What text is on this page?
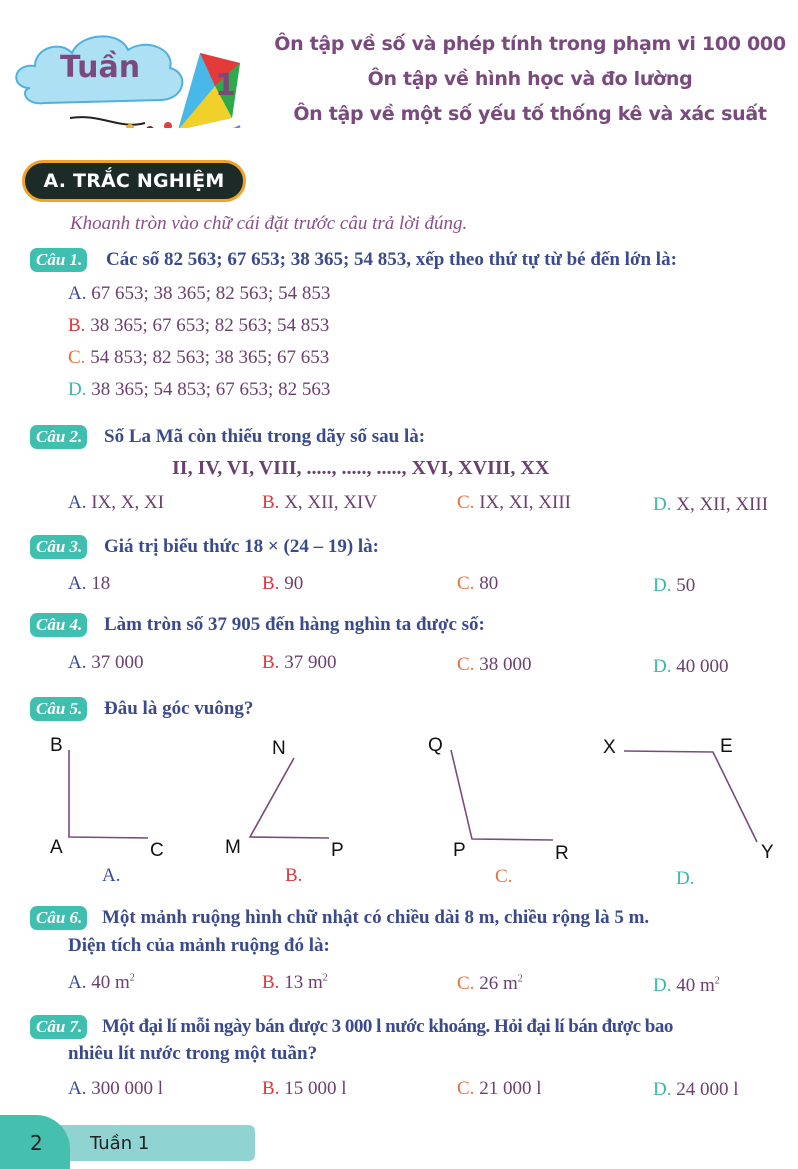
Tuần
1
Ôn tập về số và phép tính trong phạm vi 100 000
Ôn tập về hình học và đo lường
Ôn tập về một số yếu tố thống kê và xác suất
A. TRẮC NGHIỆM
Khoanh tròn vào chữ cái đặt trước câu trả lời đúng.
Câu 1. Các số 82 563; 67 653; 38 365; 54 853, xếp theo thứ tự từ bé đến lớn là:
A. 67 653; 38 365; 82 563; 54 853
B. 38 365; 67 653; 82 563; 54 853
C. 54 853; 82 563; 38 365; 67 653
D. 38 365; 54 853; 67 653; 82 563
Câu 2. Số La Mã còn thiếu trong dãy số sau là:
II, IV, VI, VIII, ....., ....., ....., XVI, XVIII, XX
A. IX, X, XI	B. X, XII, XIV	C. IX, XI, XIII	D. X, XII, XIII
Câu 3. Giá trị biểu thức 18 × (24 – 19) là:
A. 18	B. 90	C. 80	D. 50
Câu 4. Làm tròn số 37 905 đến hàng nghìn ta được số:
A. 37 000	B. 37 900	C. 38 000	D. 40 000
Câu 5. Đâu là góc vuông?
B
A	C
A.
N
M	P
B.
Q
P	R
C.
X	E
Y
D.
Câu 6. Một mảnh ruộng hình chữ nhật có chiều dài 8 m, chiều rộng là 5 m.
Diện tích của mảnh ruộng đó là:
A. 40 $m^2$	B. 13 $m^2$	C. 26 $m^2$	D. 40 $m^2$
Câu 7. Một đại lí mỗi ngày bán được 3 000 l nước khoáng. Hỏi đại lí bán được bao
nhiêu lít nước trong một tuần?
A. 300 000 l	B. 15 000 l	C. 21 000 l	D. 24 000 l
2	Tuần 1
